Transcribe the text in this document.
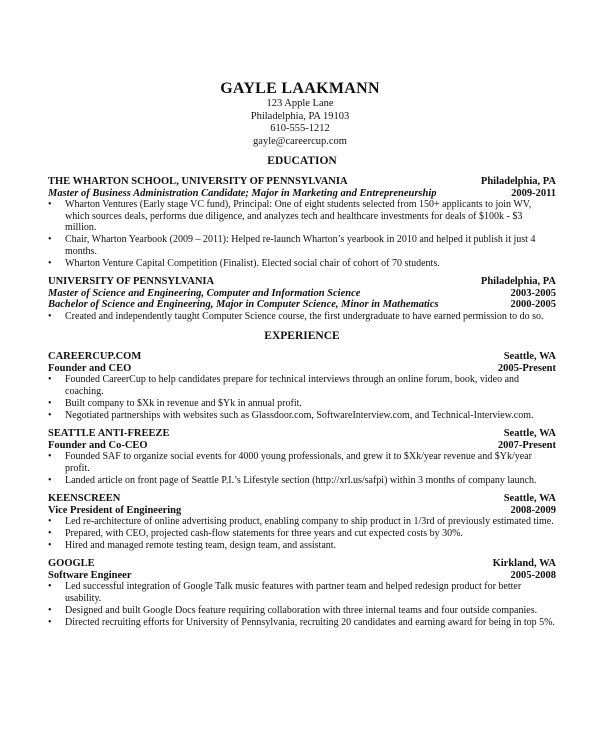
GAYLE LAAKMANN
123 Apple Lane
Philadelphia, PA 19103
610-555-1212
gayle@careercup.com
EDUCATION
THE WHARTON SCHOOL, UNIVERSITY OF PENNSYLVANIA	Philadelphia, PA
Master of Business Administration Candidate; Major in Marketing and Entrepreneurship	2009-2011
• Wharton Ventures (Early stage VC fund), Principal: One of eight students selected from 150+ applicants to join WV, which sources deals, performs due diligence, and analyzes tech and healthcare investments for deals of $100k - $3 million.
• Chair, Wharton Yearbook (2009 – 2011): Helped re-launch Wharton’s yearbook in 2010 and helped it publish it just 4 months.
• Wharton Venture Capital Competition (Finalist). Elected social chair of cohort of 70 students.
UNIVERSITY OF PENNSYLVANIA	Philadelphia, PA
Master of Science and Engineering, Computer and Information Science	2003-2005
Bachelor of Science and Engineering, Major in Computer Science, Minor in Mathematics	2000-2005
• Created and independently taught Computer Science course, the first undergraduate to have earned permission to do so.
EXPERIENCE
CAREERCUP.COM	Seattle, WA
Founder and CEO	2005-Present
• Founded CareerCup to help candidates prepare for technical interviews through an online forum, book, video and coaching.
• Built company to $Xk in revenue and $Yk in annual profit.
• Negotiated partnerships with websites such as Glassdoor.com, SoftwareInterview.com, and Technical-Interview.com.
SEATTLE ANTI-FREEZE	Seattle, WA
Founder and Co-CEO	2007-Present
• Founded SAF to organize social events for 4000 young professionals, and grew it to $Xk/year revenue and $Yk/year profit.
• Landed article on front page of Seattle P.I.’s Lifestyle section (http://xrl.us/safpi) within 3 months of company launch.
KEENSCREEN	Seattle, WA
Vice President of Engineering	2008-2009
• Led re-architecture of online advertising product, enabling company to ship product in 1/3rd of previously estimated time.
• Prepared, with CEO, projected cash-flow statements for three years and cut expected costs by 30%.
• Hired and managed remote testing team, design team, and assistant.
GOOGLE	Kirkland, WA
Software Engineer	2005-2008
• Led successful integration of Google Talk music features with partner team and helped redesign product for better usability.
• Designed and built Google Docs feature requiring collaboration with three internal teams and four outside companies.
• Directed recruiting efforts for University of Pennsylvania, recruiting 20 candidates and earning award for being in top 5%.
